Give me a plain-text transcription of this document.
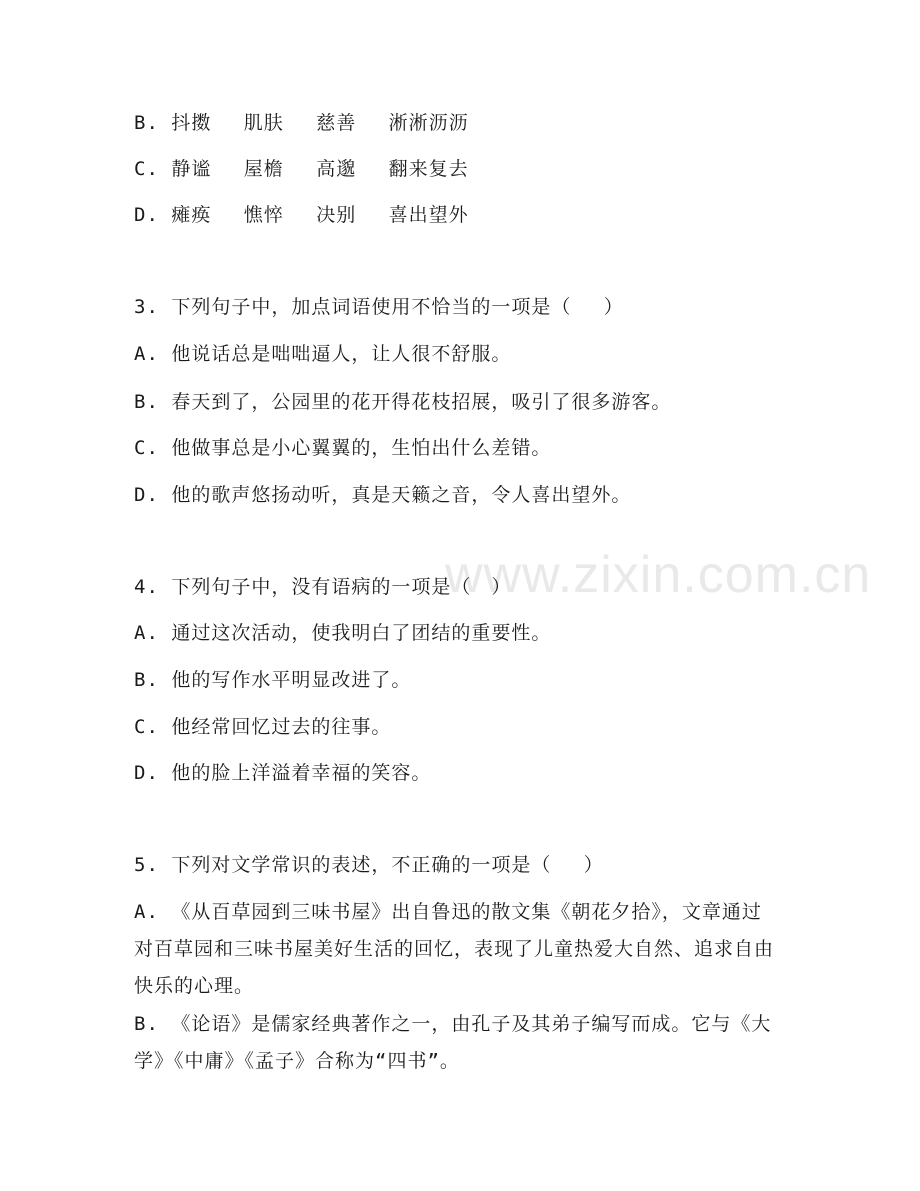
www.zixin.com.cn
B. 抖擞　 肌肤　 慈善　 淅淅沥沥
C. 静谧　 屋檐　 高邈　 翻来复去
D. 瘫痪　 憔悴　 决别　 喜出望外
3. 下列句子中，加点词语使用不恰当的一项是（　 ）
A. 他说话总是咄咄逼人，让人很不舒服。
B. 春天到了，公园里的花开得花枝招展，吸引了很多游客。
C. 他做事总是小心翼翼的，生怕出什么差错。
D. 他的歌声悠扬动听，真是天籁之音，令人喜出望外。
4. 下列句子中，没有语病的一项是（　）
A. 通过这次活动，使我明白了团结的重要性。
B. 他的写作水平明显改进了。
C. 他经常回忆过去的往事。
D. 他的脸上洋溢着幸福的笑容。
5. 下列对文学常识的表述，不正确的一项是（　 ）
A. 《从百草园到三味书屋》出自鲁迅的散文集《朝花夕拾》，文章通过对百草园和三味书屋美好生活的回忆，表现了儿童热爱大自然、追求自由快乐的心理。
B. 《论语》是儒家经典著作之一，由孔子及其弟子编写而成。它与《大学》《中庸》《孟子》合称为“四书”。
